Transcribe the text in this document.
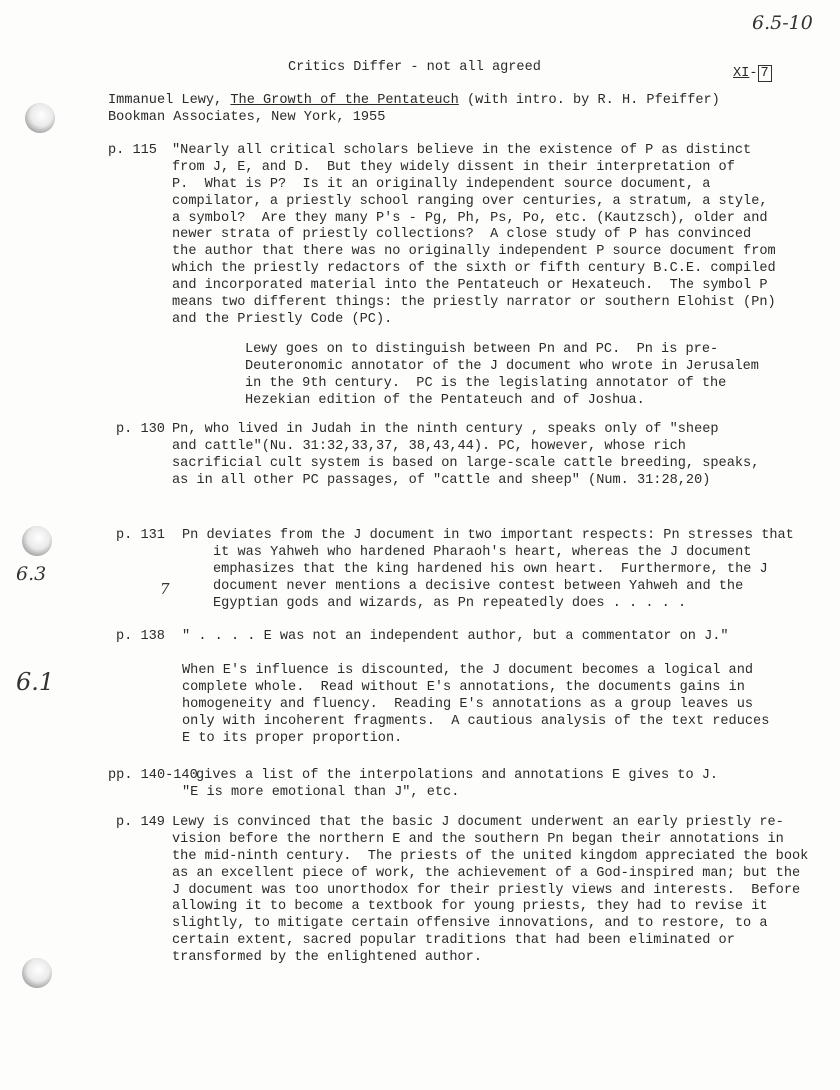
6.5-10
6.3
6.1
7
Critics Differ - not all agreed	XI- 7
Immanuel Lewy, The Growth of the Pentateuch (with intro. by R. H. Pfeiffer)
Bookman Associates, New York, 1955
p. 115 "Nearly all critical scholars believe in the existence of P as distinct
from J, E, and D.  But they widely dissent in their interpretation of
P.  What is P?  Is it an originally independent source document, a
compilator, a priestly school ranging over centuries, a stratum, a style,
a symbol?  Are they many P's - Pg, Ph, Ps, Po, etc. (Kautzsch), older and
newer strata of priestly collections?  A close study of P has convinced
the author that there was no originally independent P source document from
which the priestly redactors of the sixth or fifth century B.C.E. compiled
and incorporated material into the Pentateuch or Hexateuch.  The symbol P
means two different things: the priestly narrator or southern Elohist (Pn)
and the Priestly Code (PC).
Lewy goes on to distinguish between Pn and PC.  Pn is pre-
Deuteronomic annotator of the J document who wrote in Jerusalem
in the 9th century.  PC is the legislating annotator of the
Hezekian edition of the Pentateuch and of Joshua.
p. 130 Pn, who lived in Judah in the ninth century , speaks only of "sheep
and cattle"(Nu. 31:32,33,37, 38,43,44). PC, however, whose rich
sacrificial cult system is based on large-scale cattle breeding, speaks,
as in all other PC passages, of "cattle and sheep" (Num. 31:28,20)
p. 131 Pn deviates from the J document in two important respects: Pn stresses that
it was Yahweh who hardened Pharaoh's heart, whereas the J document
emphasizes that the king hardened his own heart.  Furthermore, the J
document never mentions a decisive contest between Yahweh and the
Egyptian gods and wizards, as Pn repeatedly does . . . . .
p. 138 " . . . . E was not an independent author, but a commentator on J."
When E's influence is discounted, the J document becomes a logical and
complete whole.  Read without E's annotations, the documents gains in
homogeneity and fluency.  Reading E's annotations as a group leaves us
only with incoherent fragments.  A cautious analysis of the text reduces
E to its proper proportion.
pp. 140-140
gives a list of the interpolations and annotations E gives to J.
"E is more emotional than J", etc.
p. 149 Lewy is convinced that the basic J document underwent an early priestly re-
vision before the northern E and the southern Pn began their annotations in
the mid-ninth century.  The priests of the united kingdom appreciated the book
as an excellent piece of work, the achievement of a God-inspired man; but the
J document was too unorthodox for their priestly views and interests.  Before
allowing it to become a textbook for young priests, they had to revise it
slightly, to mitigate certain offensive innovations, and to restore, to a
certain extent, sacred popular traditions that had been eliminated or
transformed by the enlightened author.
